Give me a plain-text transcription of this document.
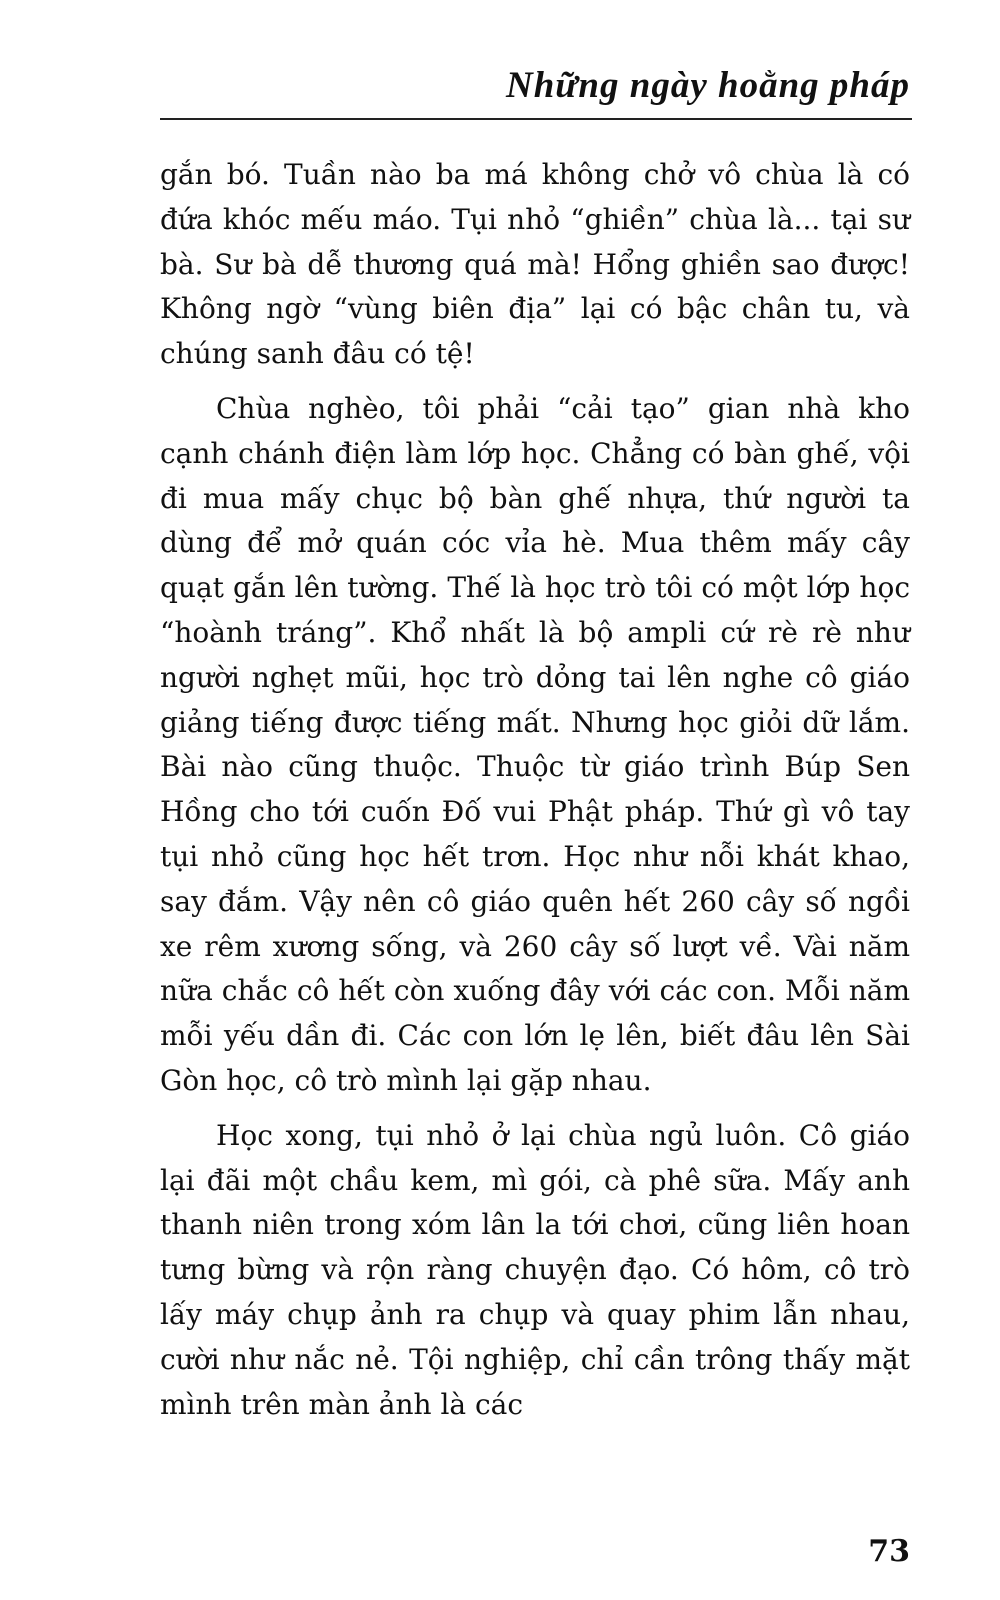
Những ngày hoằng pháp

gắn bó. Tuần nào ba má không chở vô chùa là có đứa khóc mếu máo. Tụi nhỏ “ghiền” chùa là... tại sư bà. Sư bà dễ thương quá mà! Hổng ghiền sao được! Không ngờ “vùng biên địa” lại có bậc chân tu, và chúng sanh đâu có tệ!

Chùa nghèo, tôi phải “cải tạo” gian nhà kho cạnh chánh điện làm lớp học. Chẳng có bàn ghế, vội đi mua mấy chục bộ bàn ghế nhựa, thứ người ta dùng để mở quán cóc vỉa hè. Mua thêm mấy cây quạt gắn lên tường. Thế là học trò tôi có một lớp học “hoành tráng”. Khổ nhất là bộ ampli cứ rè rè như người nghẹt mũi, học trò dỏng tai lên nghe cô giáo giảng tiếng được tiếng mất. Nhưng học giỏi dữ lắm. Bài nào cũng thuộc. Thuộc từ giáo trình Búp Sen Hồng cho tới cuốn Đố vui Phật pháp. Thứ gì vô tay tụi nhỏ cũng học hết trơn. Học như nỗi khát khao, say đắm. Vậy nên cô giáo quên hết 260 cây số ngồi xe rêm xương sống, và 260 cây số lượt về. Vài năm nữa chắc cô hết còn xuống đây với các con. Mỗi năm mỗi yếu dần đi. Các con lớn lẹ lên, biết đâu lên Sài Gòn học, cô trò mình lại gặp nhau.

Học xong, tụi nhỏ ở lại chùa ngủ luôn. Cô giáo lại đãi một chầu kem, mì gói, cà phê sữa. Mấy anh thanh niên trong xóm lân la tới chơi, cũng liên hoan tưng bừng và rộn ràng chuyện đạo. Có hôm, cô trò lấy máy chụp ảnh ra chụp và quay phim lẫn nhau, cười như nắc nẻ. Tội nghiệp, chỉ cần trông thấy mặt mình trên màn ảnh là các

73
